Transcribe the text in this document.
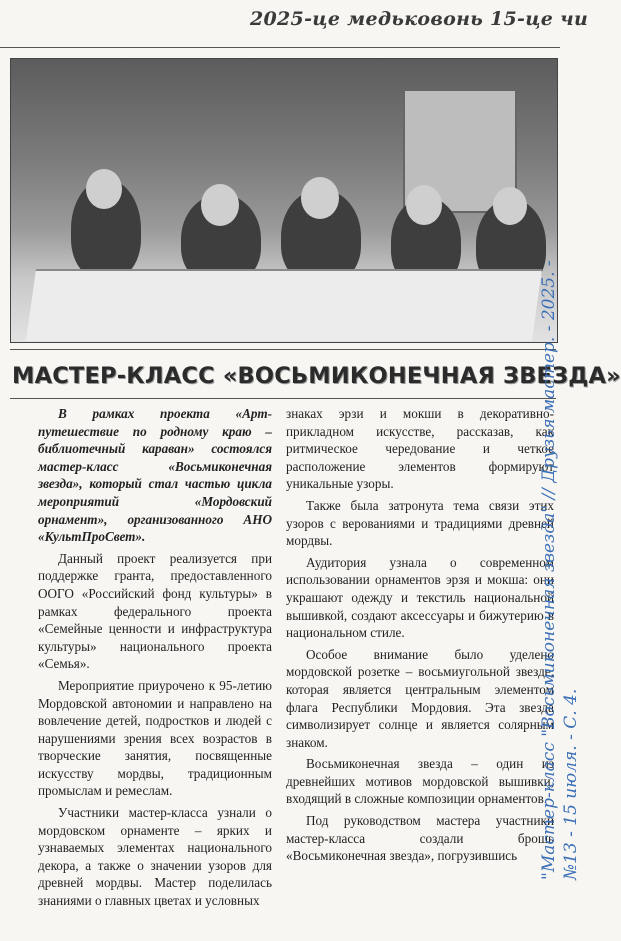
2025-це медьковонь 15-це чи
МАСТЕР-КЛАСС «ВОСЬМИКОНЕЧНАЯ ЗВЕЗДА»

В рамках проекта «Арт-путешествие по родному краю – библиотечный караван» состоялся мастер-класс «Восьмиконечная звезда», который стал частью цикла мероприятий «Мордовский орнамент», организованного АНО «КультПроСвет».

Данный проект реализуется при поддержке гранта, предоставленного ООГО «Российский фонд культуры» в рамках федерального проекта «Семейные ценности и инфраструктура культуры» национального проекта «Семья».

Мероприятие приурочено к 95-летию Мордовской автономии и направлено на вовлечение детей, подростков и людей с нарушениями зрения всех возрастов в творческие занятия, посвященные искусству мордвы, традиционным промыслам и ремеслам.

Участники мастер-класса узнали о мордовском орнаменте – ярких и узнаваемых элементах национального декора, а также о значении узоров для древней мордвы. Мастер поделилась знаниями о главных цветах и условных

знаках эрзи и мокши в декоративно-прикладном искусстве, рассказав, как ритмическое чередование и четкое расположение элементов формируют уникальные узоры.

Также была затронута тема связи этих узоров с верованиями и традициями древней мордвы.

Аудитория узнала о современном использовании орнаментов эрзя и мокша: они украшают одежду и текстиль национальной вышивкой, создают аксессуары и бижутерию в национальном стиле.

Особое внимание было уделено мордовской розетке – восьмиугольной звезде, которая является центральным элементом флага Республики Мордовия. Эта звезда символизирует солнце и является солярным знаком.

Восьмиконечная звезда – один из древнейших мотивов мордовской вышивки, входящий в сложные композиции орнаментов.

Под руководством мастера участники мастер-класса создали брошь «Восьмиконечная звезда», погрузившись	"Мастер-класс "Восьмиконечная звезда" // Друзья мастер. - 2025. - №13 - 15 июля. - С. 4.
